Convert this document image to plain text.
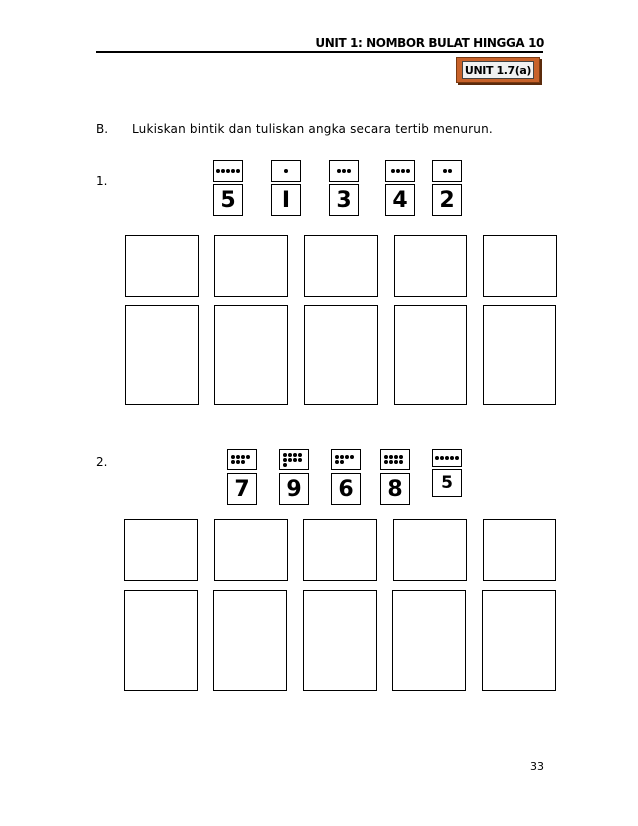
UNIT 1: NOMBOR BULAT HINGGA 10
UNIT 1.7(a)
B. Lukiskan bintik dan tuliskan angka secara tertib menurun.
1.
5	I	3	4	2
2.
7	9	6	8	5
33
